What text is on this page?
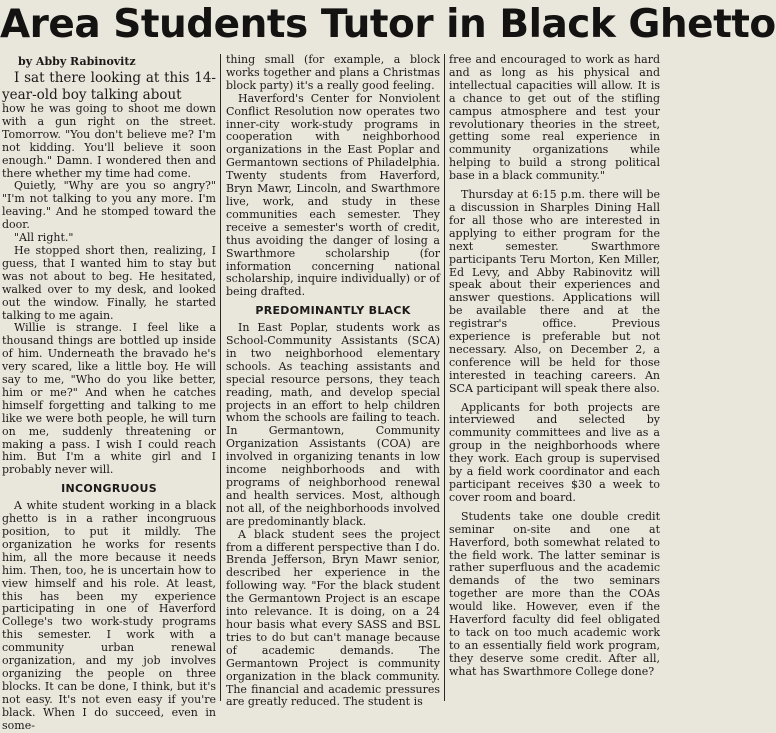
Area Students Tutor in Black Ghetto

by Abby Rabinovitz

I sat there looking at this 14-year-old boy talking about

how he was going to shoot me down with a gun right on the street. Tomorrow. "You don't believe me? I'm not kidding. You'll believe it soon enough." Damn. I wondered then and there whether my time had come.

Quietly, "Why are you so angry?" "I'm not talking to you any more. I'm leaving." And he stomped toward the door.

"All right."

He stopped short then, realizing, I guess, that I wanted him to stay but was not about to beg. He hesitated, walked over to my desk, and looked out the window. Finally, he started talking to me again.

Willie is strange. I feel like a thousand things are bottled up inside of him. Underneath the bravado he's very scared, like a little boy. He will say to me, "Who do you like better, him or me?" And when he catches himself forgetting and talking to me like we were both people, he will turn on me, suddenly threatening or making a pass. I wish I could reach him. But I'm a white girl and I probably never will.

INCONGRUOUS

A white student working in a black ghetto is in a rather incongruous position, to put it mildly. The organization he works for resents him, all the more because it needs him. Then, too, he is uncertain how to view himself and his role. At least, this has been my experience participating in one of Haverford College's two work-study programs this semester. I work with a community urban renewal organization, and my job involves organizing the people on three blocks. It can be done, I think, but it's not easy. It's not even easy if you're black. When I do succeed, even in some-

thing small (for example, a block works together and plans a Christmas block party) it's a really good feeling.

Haverford's Center for Nonviolent Conflict Resolution now operates two inner-city work-study programs in cooperation with neighborhood organizations in the East Poplar and Germantown sections of Philadelphia. Twenty students from Haverford, Bryn Mawr, Lincoln, and Swarthmore live, work, and study in these communities each semester. They receive a semester's worth of credit, thus avoiding the danger of losing a Swarthmore scholarship (for information concerning national scholarship, inquire individually) or of being drafted.

PREDOMINANTLY BLACK

In East Poplar, students work as School-Community Assistants (SCA) in two neighborhood elementary schools. As teaching assistants and special resource persons, they teach reading, math, and develop special projects in an effort to help children whom the schools are failing to teach. In Germantown, Community Organization Assistants (COA) are involved in organizing tenants in low income neighborhoods and with programs of neighborhood renewal and health services. Most, although not all, of the neighborhoods involved are predominantly black.

A black student sees the project from a different perspective than I do. Brenda Jefferson, Bryn Mawr senior, described her experience in the following way. "For the black student the Germantown Project is an escape into relevance. It is doing, on a 24 hour basis what every SASS and BSL tries to do but can't manage because of academic demands. The Germantown Project is community organization in the black community. The financial and academic pressures are greatly reduced. The student is

free and encouraged to work as hard and as long as his physical and intellectual capacities will allow. It is a chance to get out of the stifling campus atmosphere and test your revolutionary theories in the street, getting some real experience in community organizations while helping to build a strong political base in a black community."

Thursday at 6:15 p.m. there will be a discussion in Sharples Dining Hall for all those who are interested in applying to either program for the next semester. Swarthmore participants Teru Morton, Ken Miller, Ed Levy, and Abby Rabinovitz will speak about their experiences and answer questions. Applications will be available there and at the registrar's office. Previous experience is preferable but not necessary. Also, on December 2, a conference will be held for those interested in teaching careers. An SCA participant will speak there also.

Applicants for both projects are interviewed and selected by community committees and live as a group in the neighborhoods where they work. Each group is supervised by a field work coordinator and each participant receives $30 a week to cover room and board.

Students take one double credit seminar on-site and one at Haverford, both somewhat related to the field work. The latter seminar is rather superfluous and the academic demands of the two seminars together are more than the COAs would like. However, even if the Haverford faculty did feel obligated to tack on too much academic work to an essentially field work program, they deserve some credit. After all, what has Swarthmore College done?
